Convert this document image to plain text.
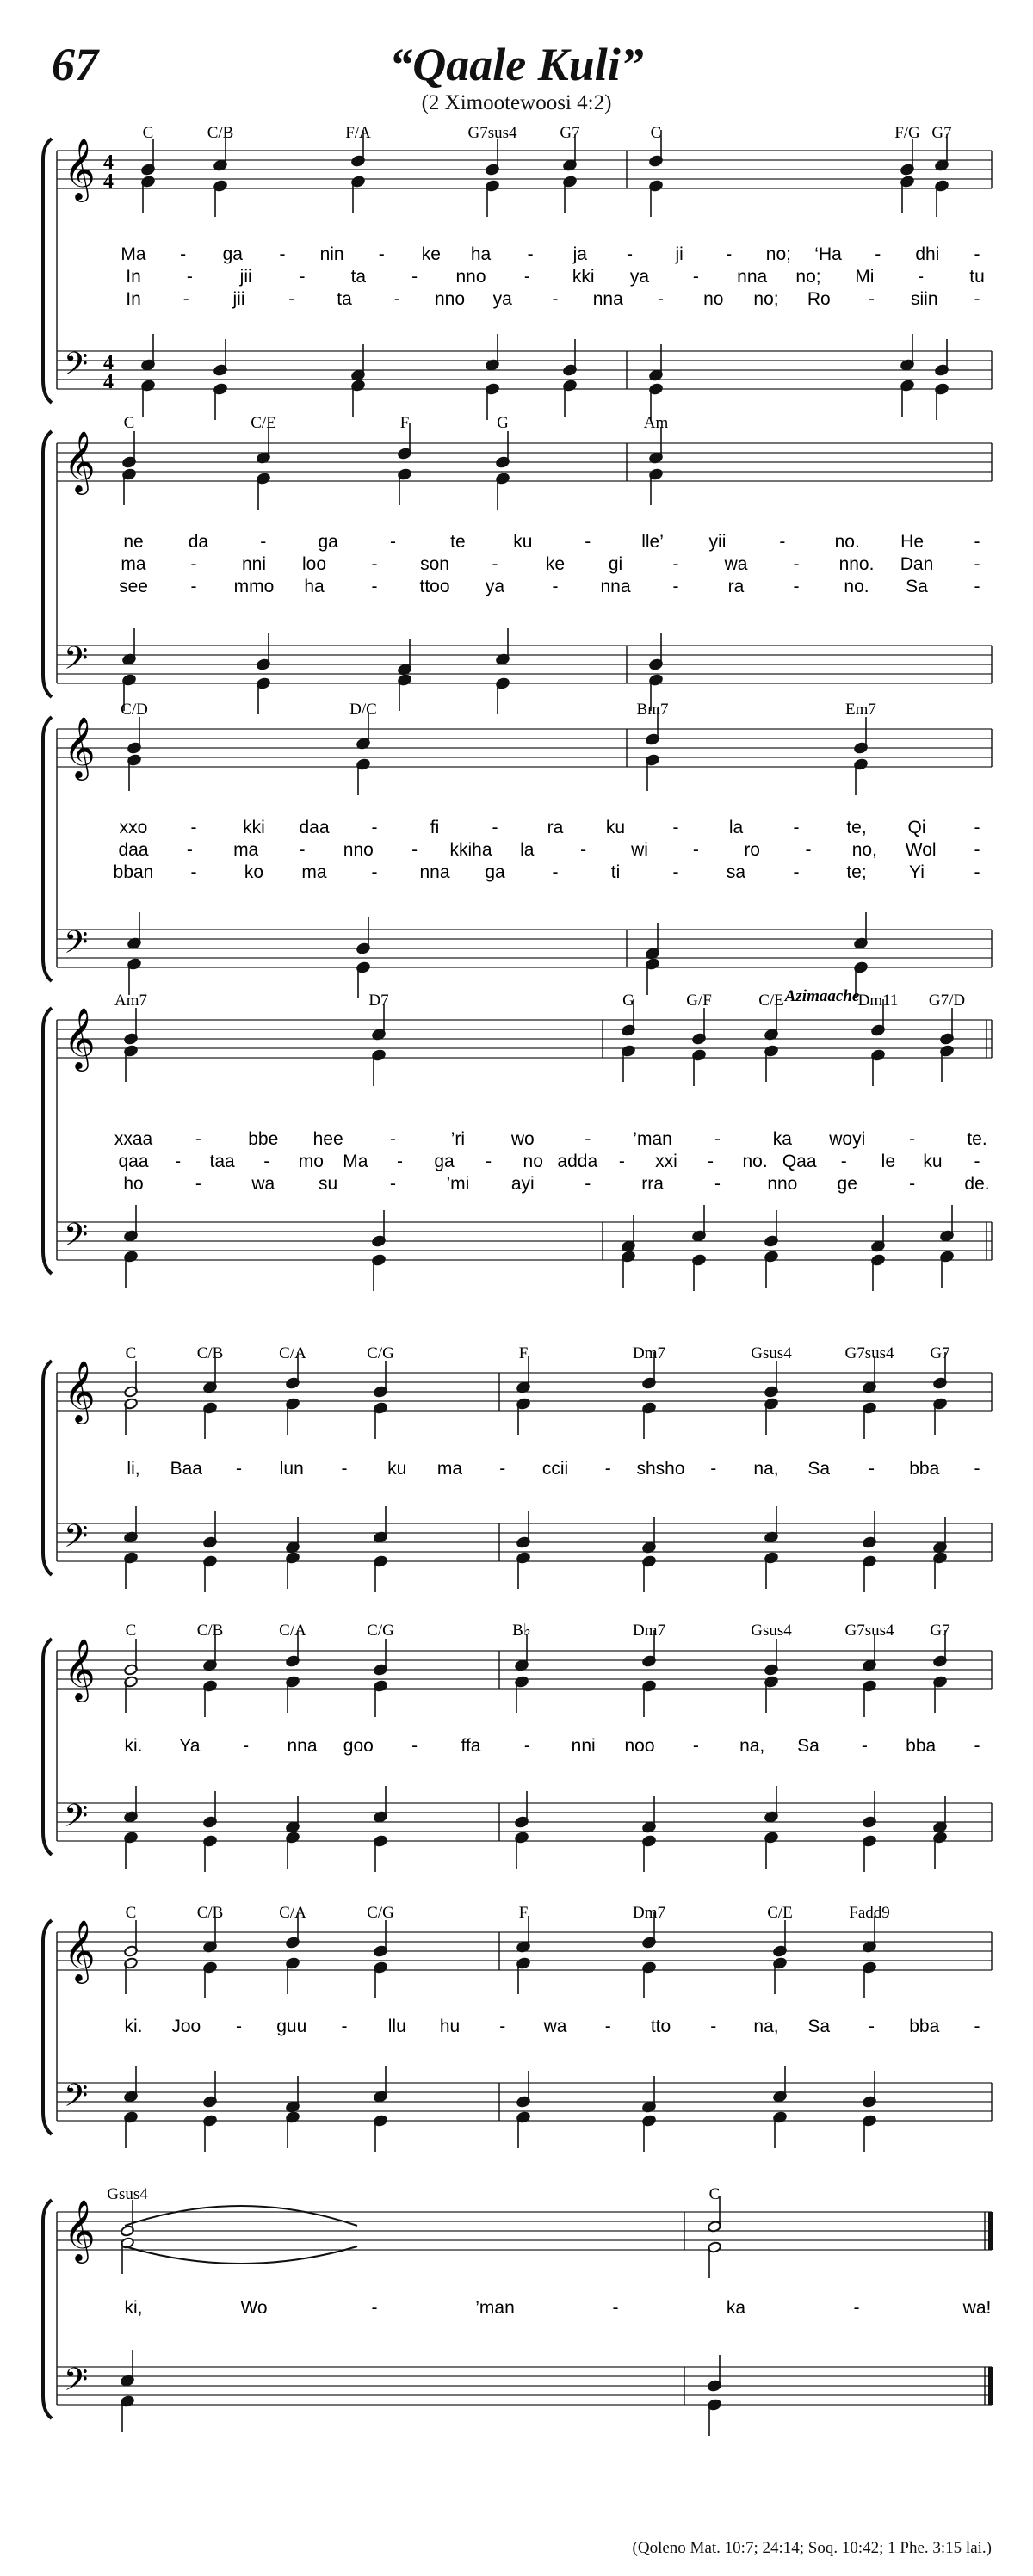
67	“Qaale Kuli”
(2 Ximootewoosi 4:2)
𝄞
𝄢
4
4
4
4
C	C/B	F/A	G7sus4	G7	C	F/G G7
Ma - ga - nin - ke ha - ja - ji - no; ‘Ha - dhi -
In	-	jii	-	ta	- nno - kki ya - nna no; Mi -	tu
In - jii - ta - nno ya - nna - no no; Ro - siin -
𝄞
𝄢
C	C/E	F	G	Am
ne da	-	ga	-	te	ku	-	lle’	yii	-	no. He	-
ma - nni loo - son -	ke gi	-	wa	- nno. Dan -
see - mmo ha	- ttoo ya	- nna -	ra	- no. Sa	-
𝄞
𝄢
C/D	D/C	Bm7	Em7
xxo -	kki daa -	fi	-	ra ku	-	la	-	te, Qi	-
daa - ma - nno - kkiha la	- wi - ro - no, Wol -
bban -	ko ma - nna ga	-	ti	-	sa	-	te; Yi	-
𝄞
𝄢
Am7	D7	G	G/F	C/E	Dm11 G7/D
xxaa -	bbe hee	-	’ri	wo	- ’man -	ka woyi -	te.
qaa - taa - mo Ma - ga - no adda - xxi - no. Qaa - le ku -
ho	-	wa su	-	’mi ayi	-	rra	-	nno ge	-	de.
Azimaache
𝄞
𝄢
C	C/B	C/A	C/G	F	Dm7	Gsus4	G7sus4 G7
li, Baa - lun - ku ma - ccii - shsho - na, Sa - bba -
𝄞
𝄢
C	C/B	C/A	C/G	B♭	Dm7	Gsus4	G7sus4 G7
ki. Ya - nna goo - ffa - nni noo - na, Sa - bba -
𝄞
𝄢
C	C/B	C/A	C/G	F	Dm7	C/E	Fadd9
ki. Joo - guu - llu hu - wa - tto - na, Sa - bba -
𝄞
𝄢
Gsus4	C
ki,	Wo	-	’man	-	ka	-	wa!
(Qoleno Mat. 10:7; 24:14; Soq. 10:42; 1 Phe. 3:15 lai.)
